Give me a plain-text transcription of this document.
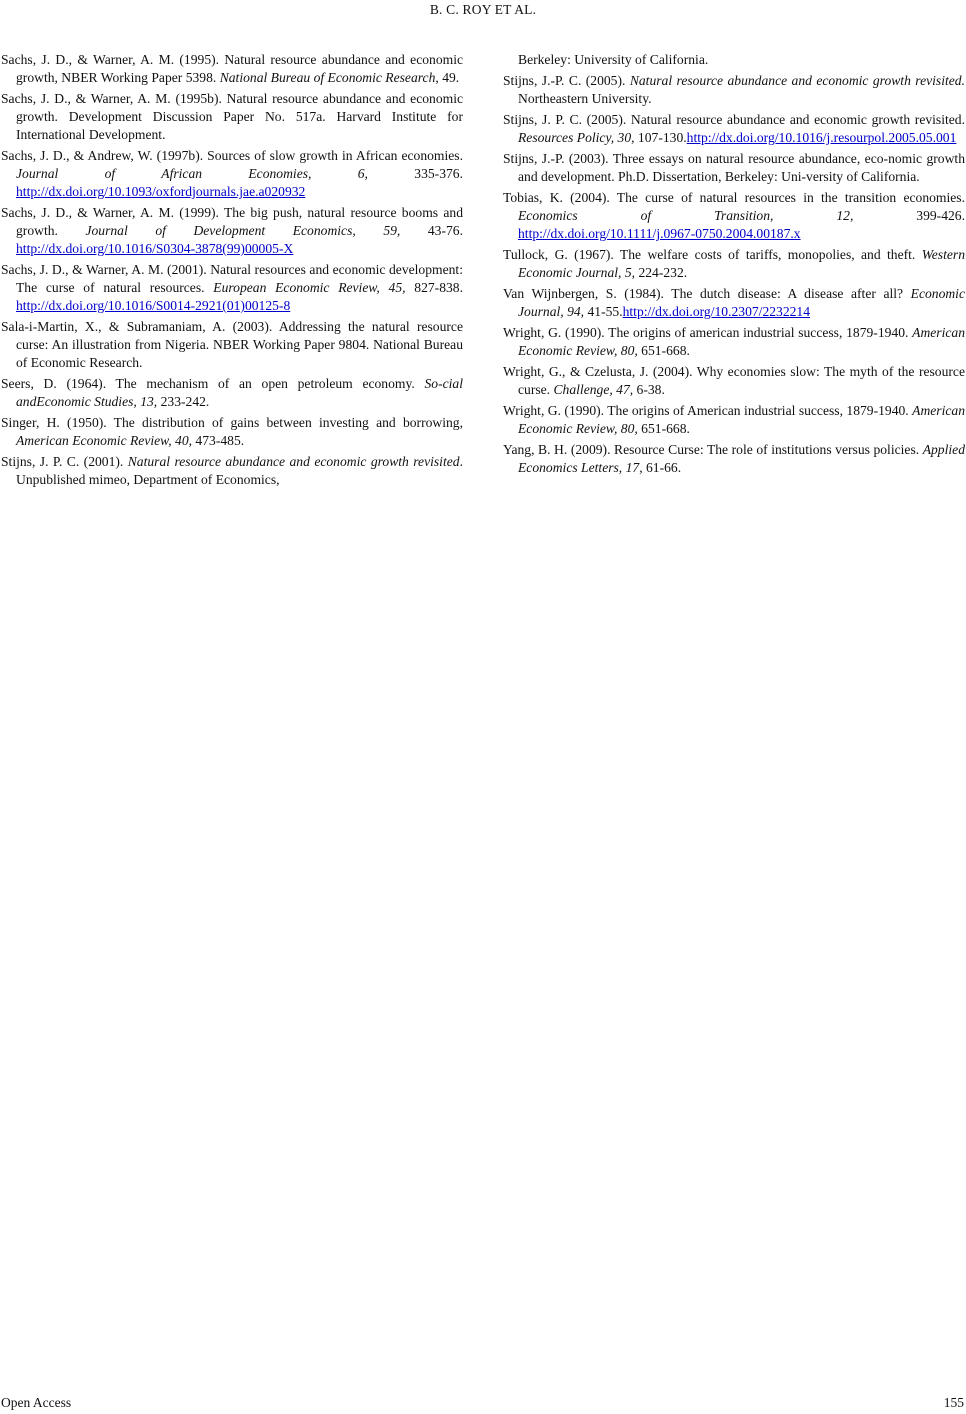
B. C. ROY ET AL.

Sachs, J. D., & Warner, A. M. (1995). Natural resource abundance and economic growth, NBER Working Paper 5398. National Bureau of Economic Research, 49.

Sachs, J. D., & Warner, A. M. (1995b). Natural resource abundance and economic growth. Development Discussion Paper No. 517a. Harvard Institute for International Development.

Sachs, J. D., & Andrew, W. (1997b). Sources of slow growth in African economies. Journal of African Economies, 6, 335-376.http://dx.doi.org/10.1093/oxfordjournals.jae.a020932

Sachs, J. D., & Warner, A. M. (1999). The big push, natural resource booms and growth. Journal of Development Economics, 59, 43-76.http://dx.doi.org/10.1016/S0304-3878(99)00005-X

Sachs, J. D., & Warner, A. M. (2001). Natural resources and economic development: The curse of natural resources. European Economic Review, 45, 827-838.http://dx.doi.org/10.1016/S0014-2921(01)00125-8

Sala-i-Martin, X., & Subramaniam, A. (2003). Addressing the natural resource curse: An illustration from Nigeria. NBER Working Paper 9804. National Bureau of Economic Research.

Seers, D. (1964). The mechanism of an open petroleum economy. So-cial andEconomic Studies, 13, 233-242.

Singer, H. (1950). The distribution of gains between investing and borrowing, American Economic Review, 40, 473-485.

Stijns, J. P. C. (2001). Natural resource abundance and economic growth revisited. Unpublished mimeo, Department of Economics,

Berkeley: University of California.

Stijns, J.-P. C. (2005). Natural resource abundance and economic growth revisited. Northeastern University.

Stijns, J. P. C. (2005). Natural resource abundance and economic growth revisited. Resources Policy, 30, 107-130.http://dx.doi.org/10.1016/j.resourpol.2005.05.001

Stijns, J.-P. (2003). Three essays on natural resource abundance, eco-nomic growth and development. Ph.D. Dissertation, Berkeley: Uni-versity of California.

Tobias, K. (2004). The curse of natural resources in the transition economies. Economics of Transition, 12, 399-426.http://dx.doi.org/10.1111/j.0967-0750.2004.00187.x

Tullock, G. (1967). The welfare costs of tariffs, monopolies, and theft. Western Economic Journal, 5, 224-232.

Van Wijnbergen, S. (1984). The dutch disease: A disease after all? Economic Journal, 94, 41-55.http://dx.doi.org/10.2307/2232214

Wright, G. (1990). The origins of american industrial success, 1879-1940. American Economic Review, 80, 651-668.

Wright, G., & Czelusta, J. (2004). Why economies slow: The myth of the resource curse. Challenge, 47, 6-38.

Wright, G. (1990). The origins of American industrial success, 1879-1940. American Economic Review, 80, 651-668.

Yang, B. H. (2009). Resource Curse: The role of institutions versus policies. Applied Economics Letters, 17, 61-66.

Open Access	155
